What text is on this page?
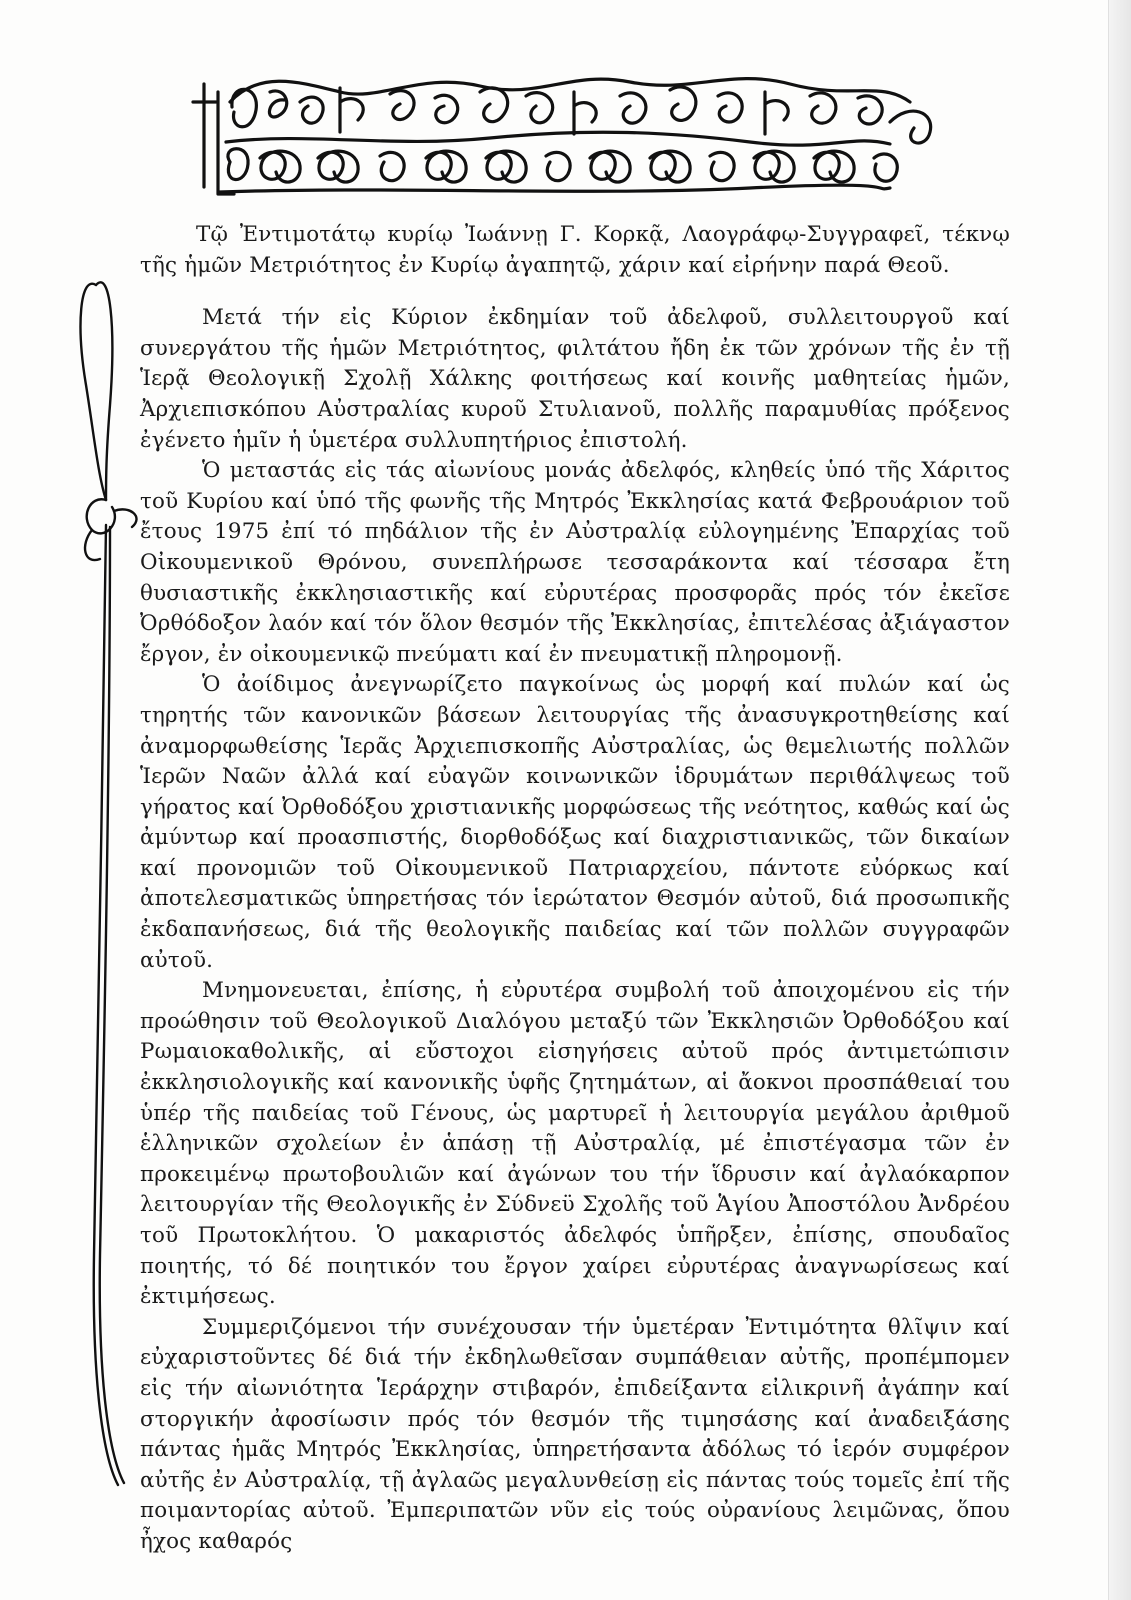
Τῷ Ἐντιμοτάτῳ κυρίῳ Ἰωάννῃ Γ. Κορκᾷ, Λαογράφῳ-Συγγραφεῖ, τέκνῳ τῆς ἡμῶν Μετριότητος ἐν Κυρίῳ ἀγαπητῷ, χάριν καί εἰρήνην παρά Θεοῦ.

Μετά τήν εἰς Κύριον ἐκδημίαν τοῦ ἀδελφοῦ, συλλειτουργοῦ καί συνεργάτου τῆς ἡμῶν Μετριότητος, φιλτάτου ἤδη ἐκ τῶν χρόνων τῆς ἐν τῇ Ἱερᾷ Θεολογικῇ Σχολῇ Χάλκης φοιτήσεως καί κοινῆς μαθητείας ἡμῶν, Ἀρχιεπισκόπου Αὐστραλίας κυροῦ Στυλιανοῦ, πολλῆς παραμυθίας πρόξενος ἐγένετο ἡμῖν ἡ ὑμετέρα συλλυπητήριος ἐπιστολή.

Ὁ μεταστάς εἰς τάς αἰωνίους μονάς ἀδελφός, κληθείς ὑπό τῆς Χάριτος τοῦ Κυρίου καί ὑπό τῆς φωνῆς τῆς Μητρός Ἐκκλησίας κατά Φεβρουάριον τοῦ ἔτους 1975 ἐπί τό πηδάλιον τῆς ἐν Αὐστραλίᾳ εὐλογημένης Ἐπαρχίας τοῦ Οἰκουμενικοῦ Θρόνου, συνεπλήρωσε τεσσαράκοντα καί τέσσαρα ἔτη θυσιαστικῆς ἐκκλησιαστικῆς καί εὐρυτέρας προσφορᾶς πρός τόν ἐκεῖσε Ὀρθόδοξον λαόν καί τόν ὅλον θεσμόν τῆς Ἐκκλησίας, ἐπιτελέσας ἀξιάγαστον ἔργον, ἐν οἰκουμενικῷ πνεύματι καί ἐν πνευματικῇ πληρομονῇ.

Ὁ ἀοίδιμος ἀνεγνωρίζετο παγκοίνως ὡς μορφή καί πυλών καί ὡς τηρητής τῶν κανονικῶν βάσεων λειτουργίας τῆς ἀνασυγκροτηθείσης καί ἀναμορφωθείσης Ἱερᾶς Ἀρχιεπισκοπῆς Αὐστραλίας, ὡς θεμελιωτής πολλῶν Ἱερῶν Ναῶν ἀλλά καί εὐαγῶν κοινωνικῶν ἱδρυμάτων περιθάλψεως τοῦ γήρατος καί Ὀρθοδόξου χριστιανικῆς μορφώσεως τῆς νεότητος, καθώς καί ὡς ἀμύντωρ καί προασπιστής, διορθοδόξως καί διαχριστιανικῶς, τῶν δικαίων καί προνομιῶν τοῦ Οἰκουμενικοῦ Πατριαρχείου, πάντοτε εὐόρκως καί ἀποτελεσματικῶς ὑπηρετήσας τόν ἱερώτατον Θεσμόν αὐτοῦ, διά προσωπικῆς ἐκδαπανήσεως, διά τῆς θεολογικῆς παιδείας καί τῶν πολλῶν συγγραφῶν αὐτοῦ.

Μνημονευεται, ἐπίσης, ἡ εὐρυτέρα συμβολή τοῦ ἀποιχομένου εἰς τήν προώθησιν τοῦ Θεολογικοῦ Διαλόγου μεταξύ τῶν Ἐκκλησιῶν Ὀρθοδόξου καί Ρωμαιοκαθολικῆς, αἱ εὔστοχοι εἰσηγήσεις αὐτοῦ πρός ἀντιμετώπισιν ἐκκλησιολογικῆς καί κανονικῆς ὑφῆς ζητημάτων, αἱ ἄοκνοι προσπάθειαί του ὑπέρ τῆς παιδείας τοῦ Γένους, ὡς μαρτυρεῖ ἡ λειτουργία μεγάλου ἀριθμοῦ ἑλληνικῶν σχολείων ἐν ἁπάσῃ τῇ Αὐστραλίᾳ, μέ ἐπιστέγασμα τῶν ἐν προκειμένῳ πρωτοβουλιῶν καί ἀγώνων του τήν ἵδρυσιν καί ἀγλαόκαρπον λειτουργίαν τῆς Θεολογικῆς ἐν Σύδνεϋ Σχολῆς τοῦ Ἁγίου Ἀποστόλου Ἀνδρέου τοῦ Πρωτοκλήτου. Ὁ μακαριστός ἀδελφός ὑπῆρξεν, ἐπίσης, σπουδαῖος ποιητής, τό δέ ποιητικόν του ἔργον χαίρει εὐρυτέρας ἀναγνωρίσεως καί ἐκτιμήσεως.

Συμμεριζόμενοι τήν συνέχουσαν τήν ὑμετέραν Ἐντιμότητα θλῖψιν καί εὐχαριστοῦντες δέ διά τήν ἐκδηλωθεῖσαν συμπάθειαν αὐτῆς, προπέμπομεν εἰς τήν αἰωνιότητα Ἱεράρχην στιβαρόν, ἐπιδείξαντα εἰλικρινῆ ἀγάπην καί στοργικήν ἀφοσίωσιν πρός τόν θεσμόν τῆς τιμησάσης καί ἀναδειξάσης πάντας ἡμᾶς Μητρός Ἐκκλησίας, ὑπηρετήσαντα ἀδόλως τό ἱερόν συμφέρον αὐτῆς ἐν Αὐστραλίᾳ, τῇ ἀγλαῶς μεγαλυνθείσῃ εἰς πάντας τούς τομεῖς ἐπί τῆς ποιμαντορίας αὐτοῦ. Ἐμπεριπατῶν νῦν εἰς τούς οὐρανίους λειμῶνας, ὅπου ἦχος καθαρός
